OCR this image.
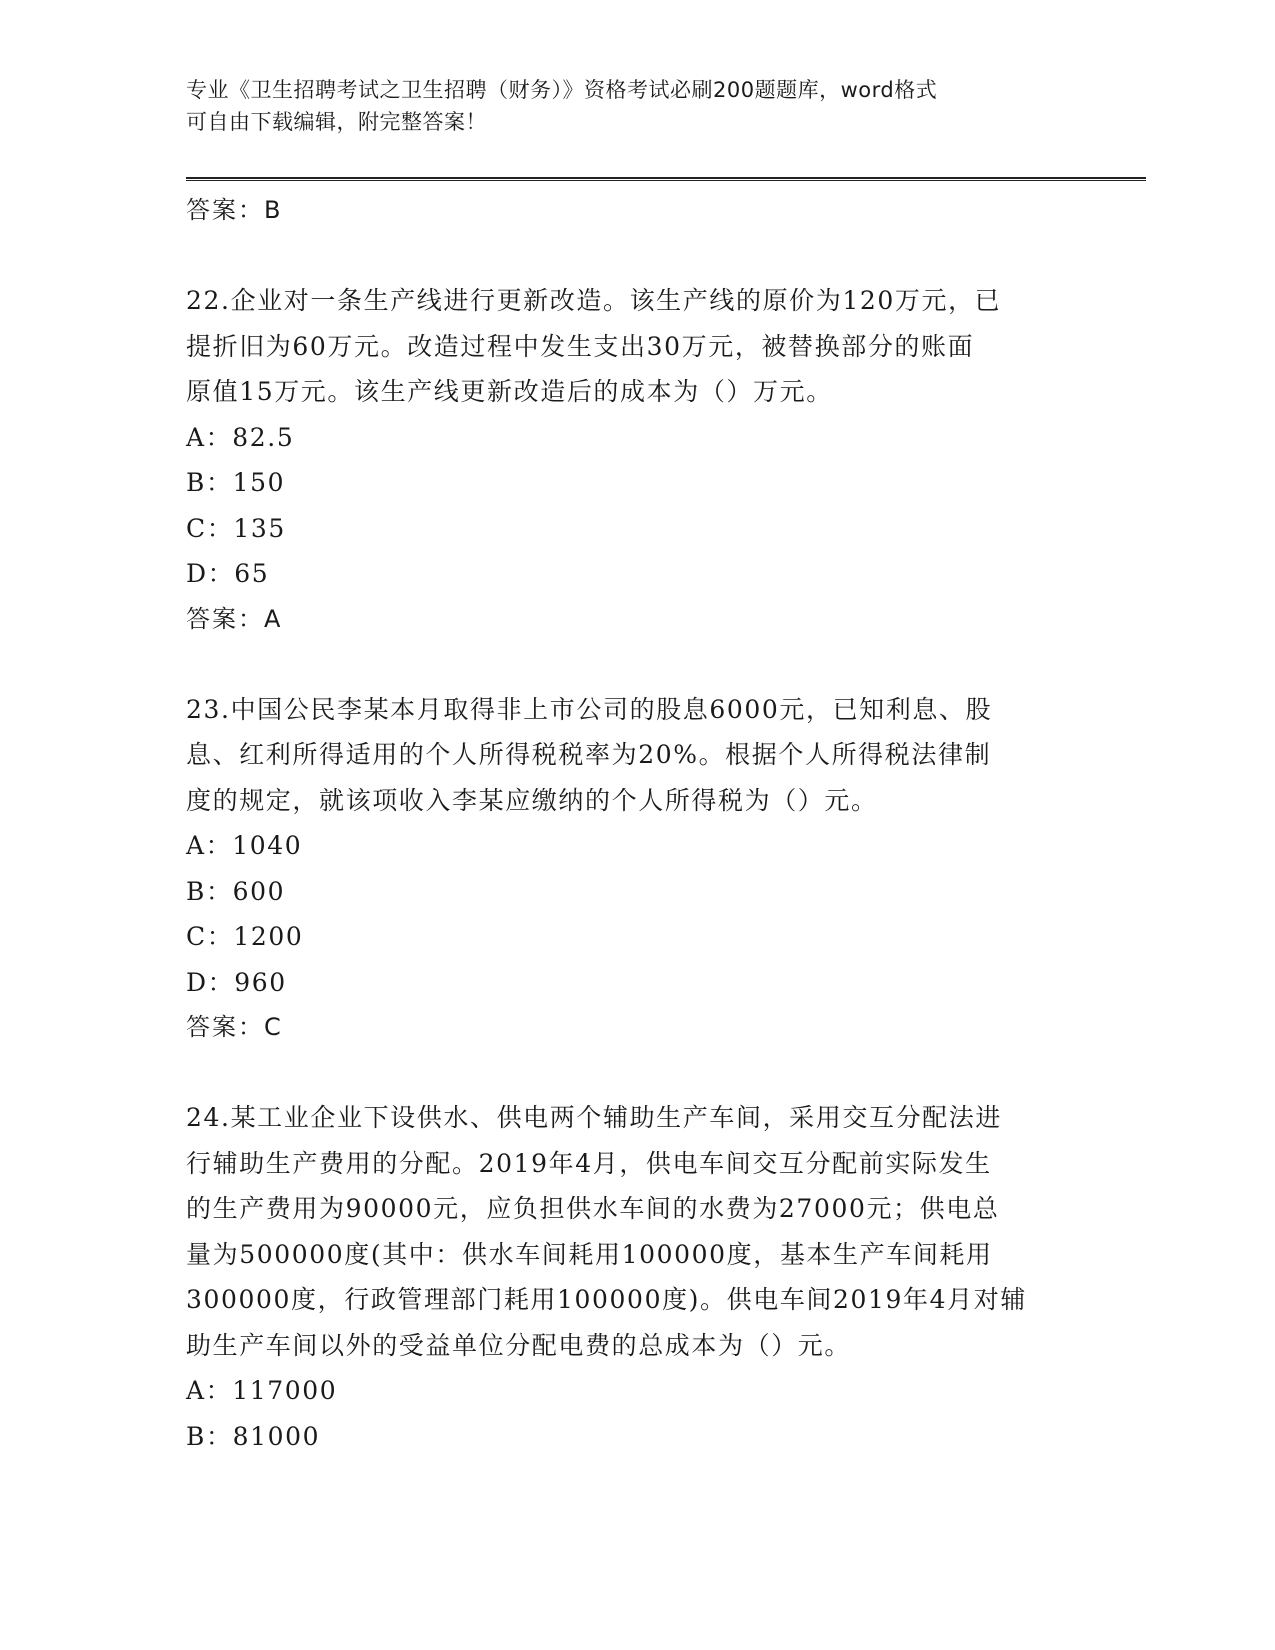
专业《卫生招聘考试之卫生招聘（财务）》资格考试必刷200题题库，word格式
可自由下载编辑，附完整答案！
答案：B
22.企业对一条生产线进行更新改造。该生产线的原价为120万元，已
提折旧为60万元。改造过程中发生支出30万元，被替换部分的账面
原值15万元。该生产线更新改造后的成本为（）万元。
A：82.5
B：150
C：135
D：65
答案：A
23.中国公民李某本月取得非上市公司的股息6000元，已知利息、股
息、红利所得适用的个人所得税税率为20%。根据个人所得税法律制
度的规定，就该项收入李某应缴纳的个人所得税为（）元。
A：1040
B：600
C：1200
D：960
答案：C
24.某工业企业下设供水、供电两个辅助生产车间，采用交互分配法进
行辅助生产费用的分配。2019年4月，供电车间交互分配前实际发生
的生产费用为90000元，应负担供水车间的水费为27000元；供电总
量为500000度(其中：供水车间耗用100000度，基本生产车间耗用
300000度，行政管理部门耗用100000度)。供电车间2019年4月对辅
助生产车间以外的受益单位分配电费的总成本为（）元。
A：117000
B：81000
